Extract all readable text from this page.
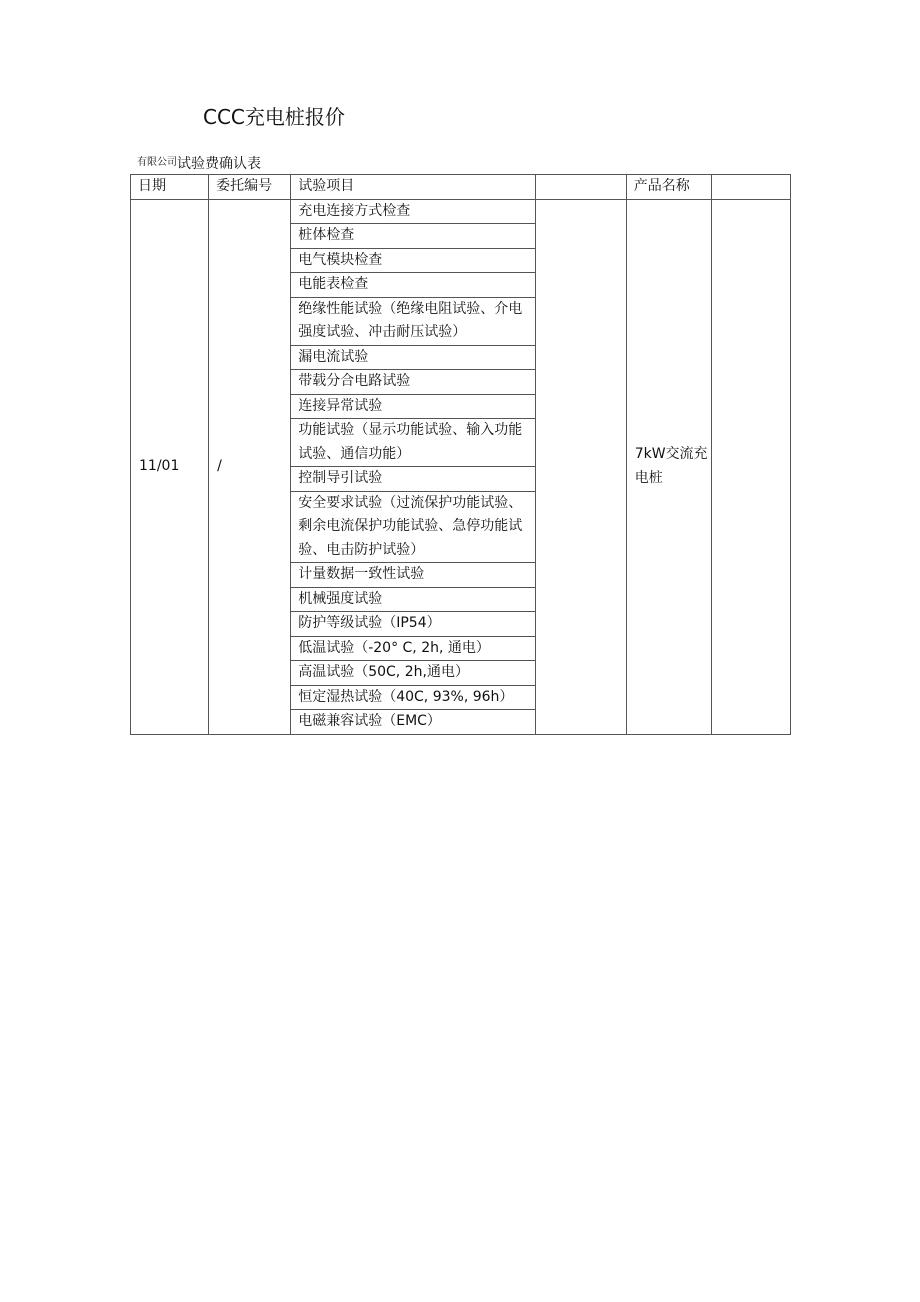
CCC充电桩报价
$^{有限公司}$试验费确认表
日期	委托编号	试验项目		产品名称	
11/01	/	充电连接方式检查		7kW交流充电桩	
		桩体检查			
		电气模块检查			
		电能表检查			
		绝缘性能试验（绝缘电阻试验、介电强度试验、冲击耐压试验）			
		漏电流试验			
		带载分合电路试验			
		连接异常试验			
		功能试验（显示功能试验、输入功能试验、通信功能）			
		控制导引试验			
		安全要求试验（过流保护功能试验、剩余电流保护功能试验、急停功能试验、电击防护试验）			
		计量数据一致性试验			
		机械强度试验			
		防护等级试验（IP54）			
		低温试验（-20° C, 2h, 通电）			
		高温试验（50C, 2h,通电）			
		恒定湿热试验（40C, 93%, 96h）			
		电磁兼容试验（EMC）			
